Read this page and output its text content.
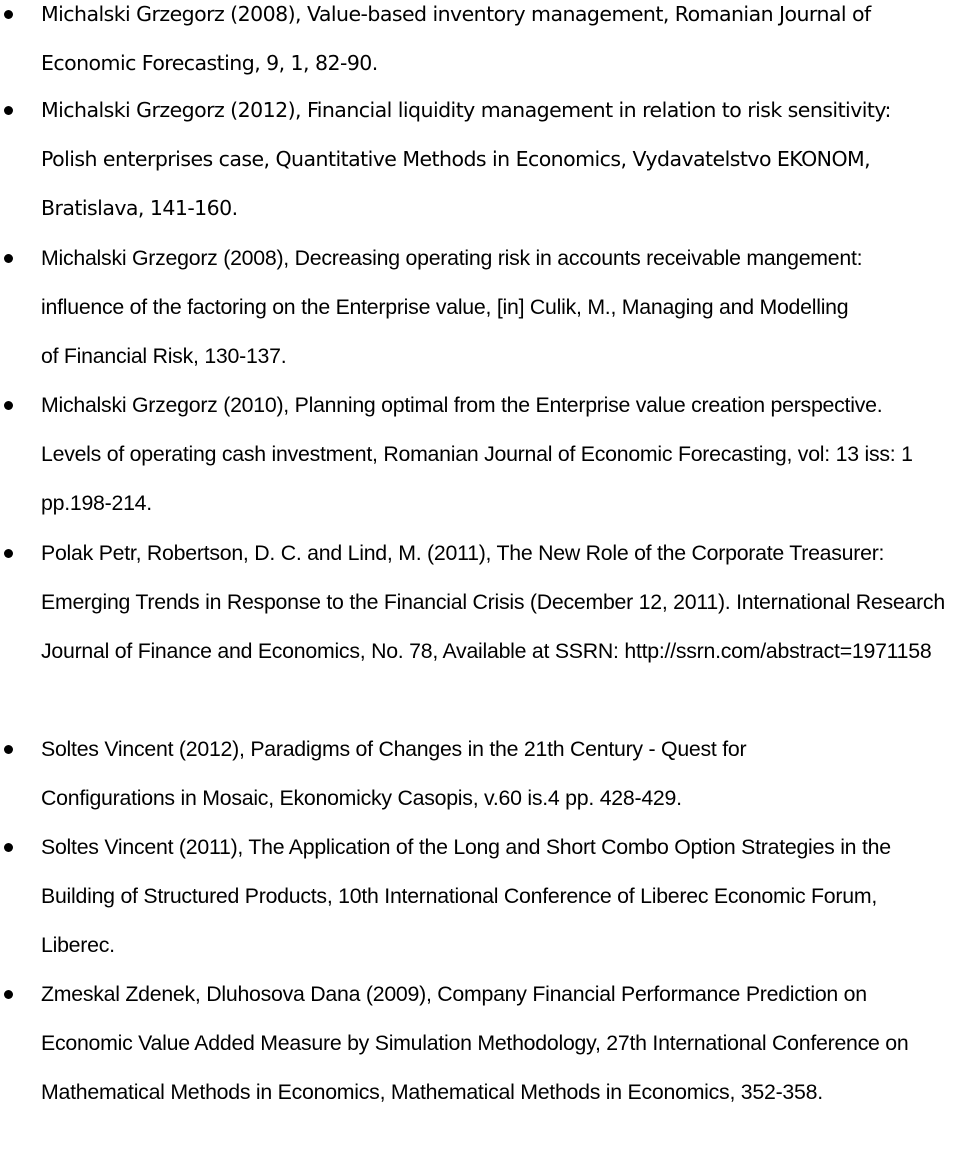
Michalski Grzegorz (2008), Value-based inventory management, Romanian Journal of Economic Forecasting, 9, 1, 82-90.

Michalski Grzegorz (2012), Financial liquidity management in relation to risk sensitivity: Polish enterprises case, Quantitative Methods in Economics, Vydavatelstvo EKONOM, Bratislava, 141-160.

Michalski Grzegorz (2008), Decreasing operating risk in accounts receivable mangement: influence of the factoring on the Enterprise value, [in] Culik, M., Managing and Modelling of Financial Risk, 130-137.

Michalski Grzegorz (2010), Planning optimal from the Enterprise value creation perspective. Levels of operating cash investment, Romanian Journal of Economic Forecasting, vol: 13 iss: 1 pp.198-214.

Polak Petr, Robertson, D. C. and Lind, M. (2011), The New Role of the Corporate Treasurer: Emerging Trends in Response to the Financial Crisis (December 12, 2011). International Research Journal of Finance and Economics, No. 78, Available at SSRN: http://ssrn.com/abstract=1971158

Soltes Vincent (2012), Paradigms of Changes in the 21th Century - Quest for Configurations in Mosaic, Ekonomicky Casopis, v.60 is.4 pp. 428-429.

Soltes Vincent (2011), The Application of the Long and Short Combo Option Strategies in the Building of Structured Products, 10th International Conference of Liberec Economic Forum, Liberec.

Zmeskal Zdenek, Dluhosova Dana (2009), Company Financial Performance Prediction on Economic Value Added Measure by Simulation Methodology, 27th International Conference on Mathematical Methods in Economics, Mathematical Methods in Economics, 352-358.
